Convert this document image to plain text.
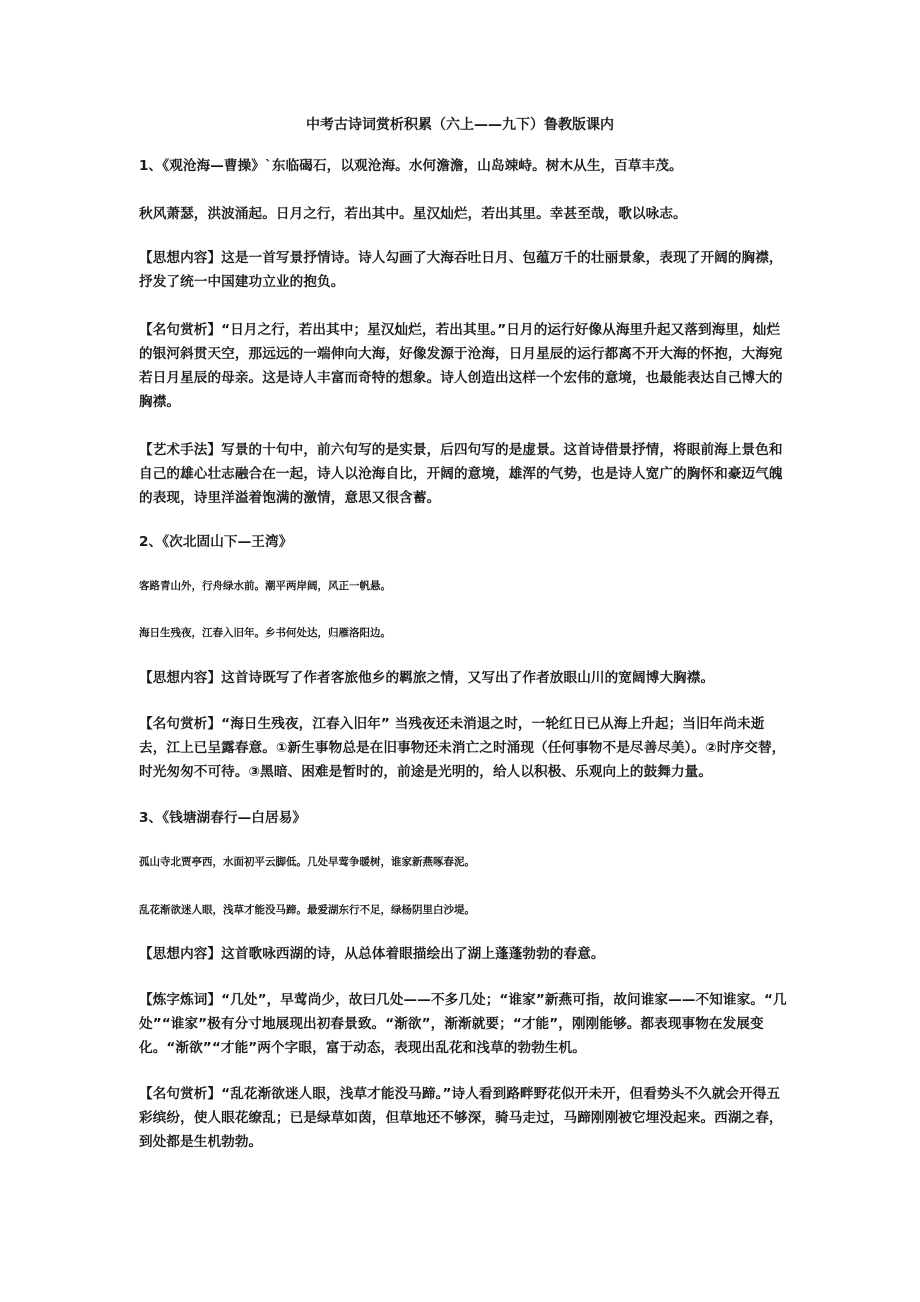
中考古诗词赏析积累（六上——九下）鲁教版课内

1、《观沧海—曹操》`东临碣石，以观沧海。水何澹澹，山岛竦峙。树木从生，百草丰茂。

秋风萧瑟，洪波涌起。日月之行，若出其中。星汉灿烂，若出其里。幸甚至哉，歌以咏志。

【思想内容】这是一首写景抒情诗。诗人勾画了大海吞吐日月、包蕴万千的壮丽景象，表现了开阔的胸襟，抒发了统一中国建功立业的抱负。

【名句赏析】“日月之行，若出其中；星汉灿烂，若出其里。”日月的运行好像从海里升起又落到海里，灿烂的银河斜贯天空，那远远的一端伸向大海，好像发源于沧海，日月星辰的运行都离不开大海的怀抱，大海宛若日月星辰的母亲。这是诗人丰富而奇特的想象。诗人创造出这样一个宏伟的意境，也最能表达自己博大的胸襟。

【艺术手法】写景的十句中，前六句写的是实景，后四句写的是虚景。这首诗借景抒情，将眼前海上景色和自己的雄心壮志融合在一起，诗人以沧海自比，开阔的意境，雄浑的气势，也是诗人宽广的胸怀和豪迈气魄的表现，诗里洋溢着饱满的激情，意思又很含蓄。

2、《次北固山下—王湾》

客路青山外，行舟绿水前。潮平两岸阔，风正一帆悬。

海日生残夜，江春入旧年。乡书何处达，归雁洛阳边。

【思想内容】这首诗既写了作者客旅他乡的羁旅之情，又写出了作者放眼山川的宽阔博大胸襟。

【名句赏析】“海日生残夜，江春入旧年” 当残夜还未消退之时，一轮红日已从海上升起；当旧年尚未逝去，江上已呈露春意。①新生事物总是在旧事物还未消亡之时涌现（任何事物不是尽善尽美）。②时序交替，时光匆匆不可待。③黑暗、困难是暂时的，前途是光明的，给人以积极、乐观向上的鼓舞力量。

3、《钱塘湖春行—白居易》

孤山寺北贾亭西，水面初平云脚低。几处早莺争暖树，谁家新燕啄春泥。

乱花渐欲迷人眼，浅草才能没马蹄。最爱湖东行不足，绿杨阴里白沙堤。

【思想内容】这首歌咏西湖的诗，从总体着眼描绘出了湖上蓬蓬勃勃的春意。

【炼字炼词】“几处”，早莺尚少，故曰几处——不多几处；“谁家”新燕可指，故问谁家——不知谁家。“几处”“谁家”极有分寸地展现出初春景致。“渐欲”，渐渐就要；“才能”，刚刚能够。都表现事物在发展变化。“渐欲”“才能”两个字眼，富于动态，表现出乱花和浅草的勃勃生机。

【名句赏析】“乱花渐欲迷人眼，浅草才能没马蹄。”诗人看到路畔野花似开未开，但看势头不久就会开得五彩缤纷，使人眼花缭乱；已是绿草如茵，但草地还不够深，骑马走过，马蹄刚刚被它埋没起来。西湖之春，到处都是生机勃勃。
